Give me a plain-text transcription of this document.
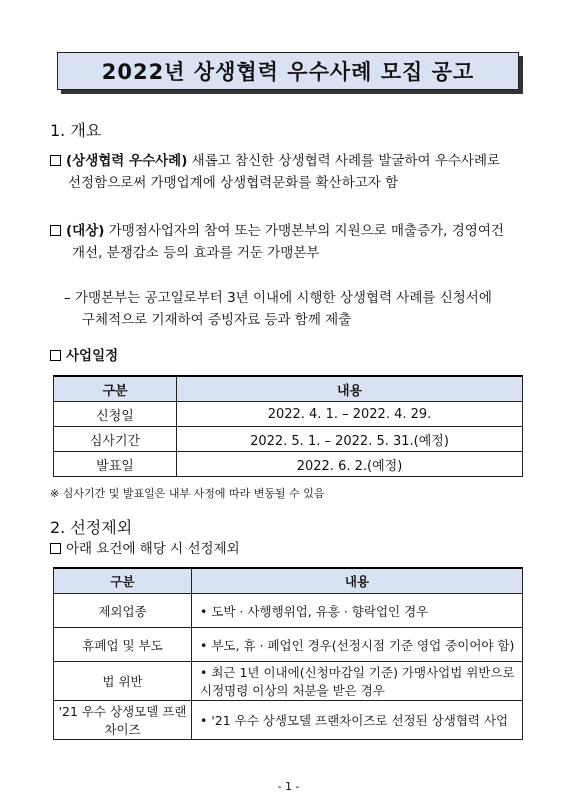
2022년 상생협력 우수사례 모집 공고
1. 개요
(상생협력 우수사례) 새롭고 참신한 상생협력 사례를 발굴하여 우수사례로
선정함으로써 가맹업계에 상생협력문화를 확산하고자 함
(대상) 가맹점사업자의 참여 또는 가맹본부의 지원으로 매출증가, 경영여건
개선, 분쟁감소 등의 효과를 거둔 가맹본부
– 가맹본부는 공고일로부터 3년 이내에 시행한 상생협력 사례를 신청서에
구체적으로 기재하여 증빙자료 등과 함께 제출
사업일정
구분	내용
신청일	2022. 4. 1. – 2022. 4. 29.
심사기간	2022. 5. 1. – 2022. 5. 31.(예정)
발표일	2022. 6. 2.(예정)
※ 심사기간 및 발표일은 내부 사정에 따라 변동될 수 있음
2. 선정제외
아래 요건에 해당 시 선정제외
구분	내용
제외업종	• 도박 · 사행행위업, 유흥 · 향락업인 경우
휴폐업 및 부도	• 부도, 휴 · 폐업인 경우(선정시점 기준 영업 중이어야 함)
법 위반	• 최근 1년 이내에(신청마감일 기준) 가맹사업법 위반으로 시정명령 이상의 처분을 받은 경우
'21 우수 상생모델 프랜차이즈	• '21 우수 상생모델 프랜차이즈로 선정된 상생협력 사업
- 1 -
